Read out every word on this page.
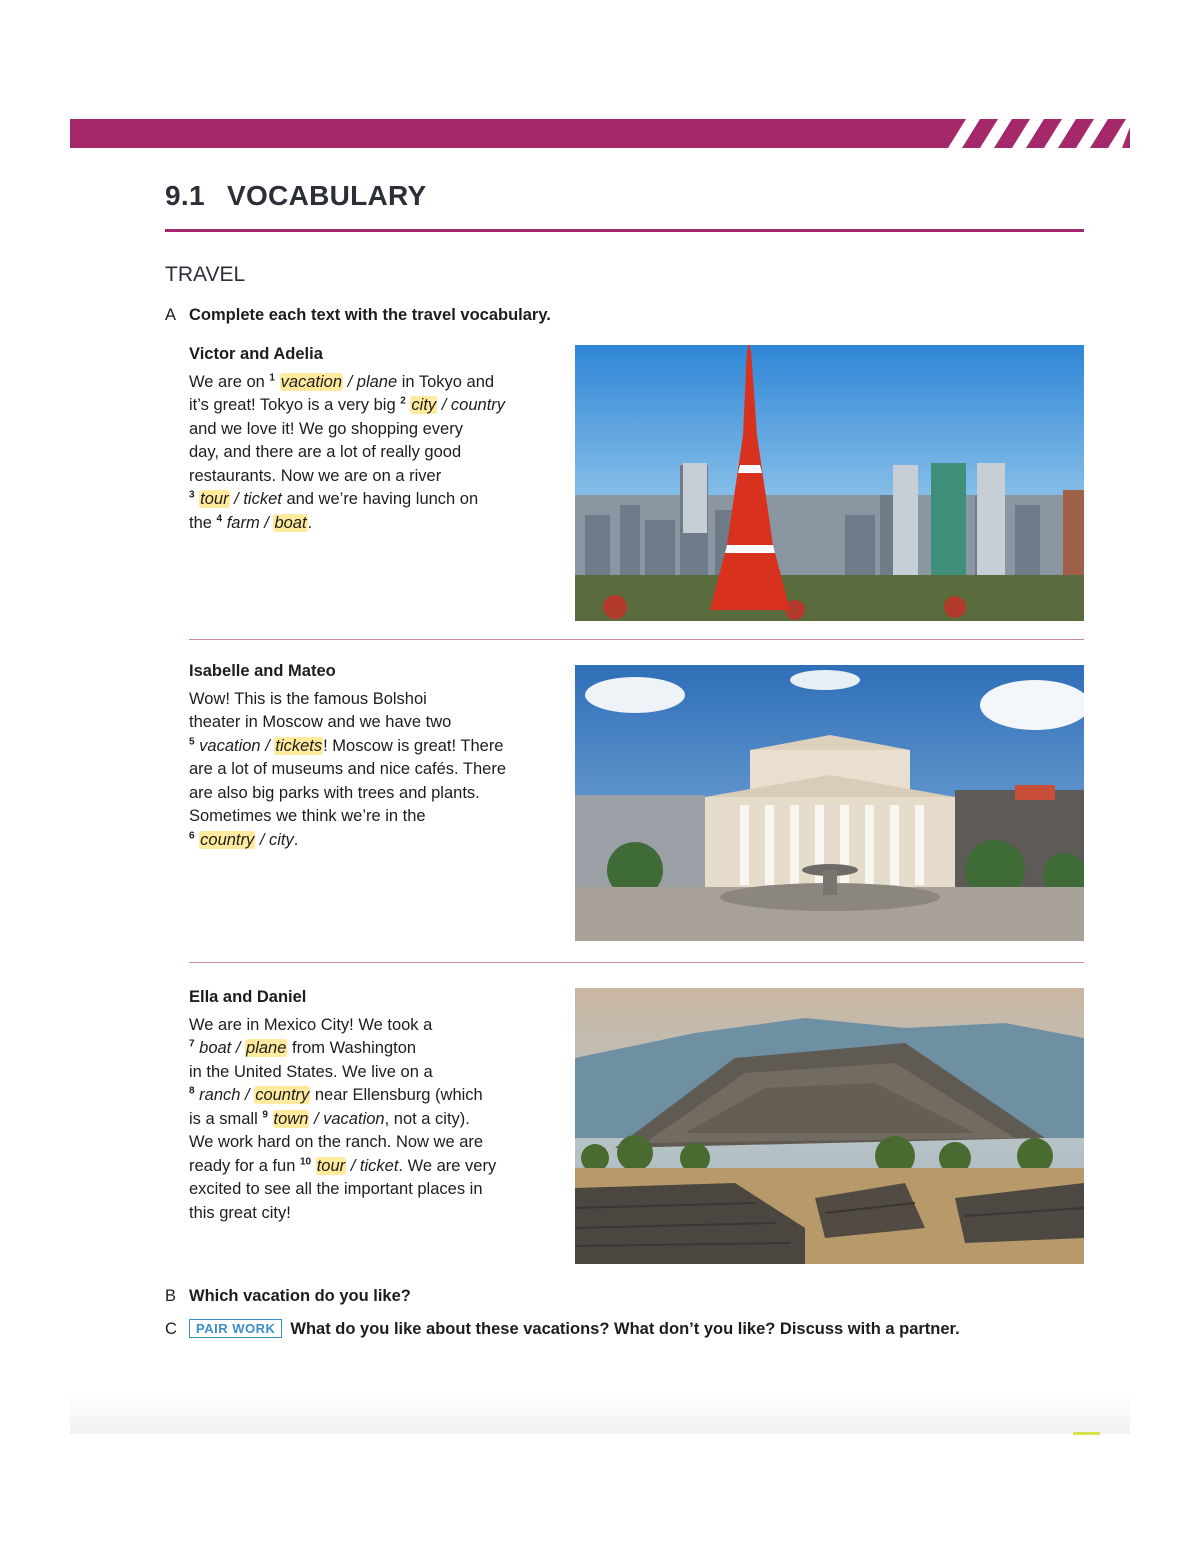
9.1 VOCABULARY
TRAVEL
A Complete each text with the travel vocabulary.
Victor and Adelia
We are on $^1$ vacation / plane in Tokyo and
it’s great! Tokyo is a very big $^2$ city / country
and we love it! We go shopping every
day, and there are a lot of really good
restaurants. Now we are on a river
$^3$ tour / ticket and we’re having lunch on
the $^4$ farm / boat.
Isabelle and Mateo
Wow! This is the famous Bolshoi
theater in Moscow and we have two
$^5$ vacation / tickets! Moscow is great! There
are a lot of museums and nice cafés. There
are also big parks with trees and plants.
Sometimes we think we’re in the
$^6$ country / city.
Ella and Daniel
We are in Mexico City! We took a
$^7$ boat / plane from Washington
in the United States. We live on a
$^8$ ranch / country near Ellensburg (which
is a small $^9$ town / vacation, not a city).
We work hard on the ranch. Now we are
ready for a fun $^{10}$ tour / ticket. We are very
excited to see all the important places in
this great city!
B Which vacation do you like?
C PAIR WORK What do you like about these vacations? What don’t you like? Discuss with a partner.
